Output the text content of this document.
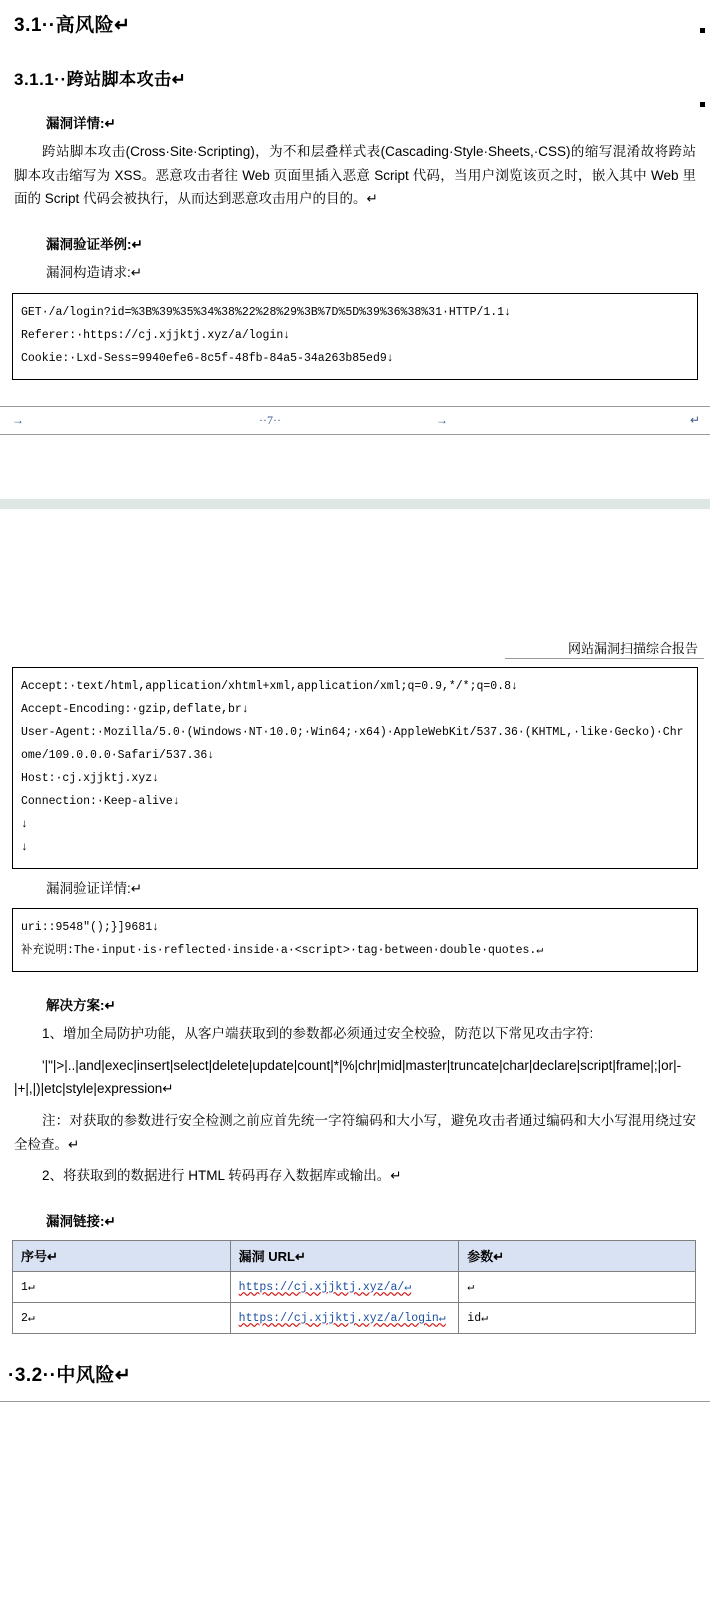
3.1··高风险↵
3.1.1··跨站脚本攻击↵
漏洞详情:↵

跨站脚本攻击(Cross·Site·Scripting)，为不和层叠样式表(Cascading·Style·Sheets,·CSS)的缩写混淆故将跨站脚本攻击缩写为 XSS。恶意攻击者往 Web 页面里插入恶意 Script 代码，当用户浏览该页之时，嵌入其中 Web 里面的 Script 代码会被执行，从而达到恶意攻击用户的目的。↵

漏洞验证举例:↵
漏洞构造请求:↵
GET·/a/login?id=%3B%39%35%34%38%22%28%29%3B%7D%5D%39%36%38%31·HTTP/1.1↓
Referer:·https://cj.xjjktj.xyz/a/login↓
Cookie:·Lxd-Sess=9940efe6-8c5f-48fb-84a5-34a263b85ed9↓
→	··7··	→	↵
网站漏洞扫描综合报告
Accept:·text/html,application/xhtml+xml,application/xml;q=0.9,*/*;q=0.8↓
Accept-Encoding:·gzip,deflate,br↓
User-Agent:·Mozilla/5.0·(Windows·NT·10.0;·Win64;·x64)·AppleWebKit/537.36·(KHTML,·like·Gecko)·Chrome/109.0.0.0·Safari/537.36↓
Host:·cj.xjjktj.xyz↓
Connection:·Keep-alive↓
↓
↓
漏洞验证详情:↵
uri::9548″();}]9681↓
补充说明:The·input·is·reflected·inside·a·<script>·tag·between·double·quotes.↵
解决方案:↵

1、增加全局防护功能，从客户端获取到的参数都必须通过安全校验，防范以下常见攻击字符:

'|"|>|..|and|exec|insert|select|delete|update|count|*|%|chr|mid|master|truncate|char|declare|script|frame|;|or|-|+|,|)|etc|style|expression↵

注：对获取的参数进行安全检测之前应首先统一字符编码和大小写，避免攻击者通过编码和大小写混用绕过安全检查。↵

2、将获取到的数据进行 HTML 转码再存入数据库或输出。↵

漏洞链接:↵
序号↵	漏洞 URL↵	参数↵
1↵	https://cj.xjjktj.xyz/a/↵	↵
2↵	https://cj.xjjktj.xyz/a/login↵	id↵
·3.2··中风险↵
